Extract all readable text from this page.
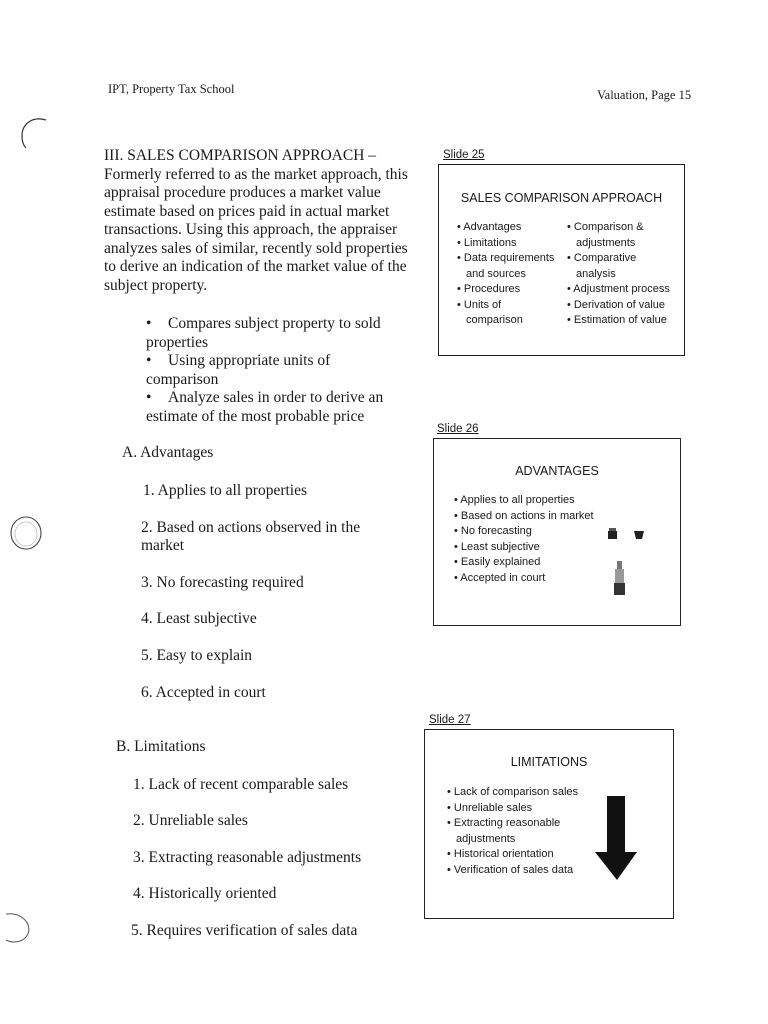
IPT, Property Tax School	Valuation, Page 15
III. SALES COMPARISON APPROACH – Formerly referred to as the market approach, this appraisal procedure produces a market value estimate based on prices paid in actual market transactions. Using this approach, the appraiser analyzes sales of similar, recently sold properties to derive an indication of the market value of the subject property.

• Compares subject property to sold properties

• Using appropriate units of comparison

• Analyze sales in order to derive an estimate of the most probable price

A. Advantages
1. Applies to all properties
2. Based on actions observed in the market
3. No forecasting required
4. Least subjective
5. Easy to explain
6. Accepted in court
B. Limitations
1. Lack of recent comparable sales
2. Unreliable sales
3. Extracting reasonable adjustments
4. Historically oriented
5. Requires verification of sales data
Slide 25
SALES COMPARISON APPROACH
• Advantages
• Limitations
• Data requirements
and sources
• Procedures
• Units of
comparison
• Comparison &
adjustments
• Comparative
analysis
• Adjustment process
• Derivation of value
• Estimation of value
Slide 26
ADVANTAGES
• Applies to all properties
• Based on actions in market
• No forecasting
• Least subjective
• Easily explained
• Accepted in court
Slide 27
LIMITATIONS
• Lack of comparison sales
• Unreliable sales
• Extracting reasonable
adjustments
• Historical orientation
• Verification of sales data
